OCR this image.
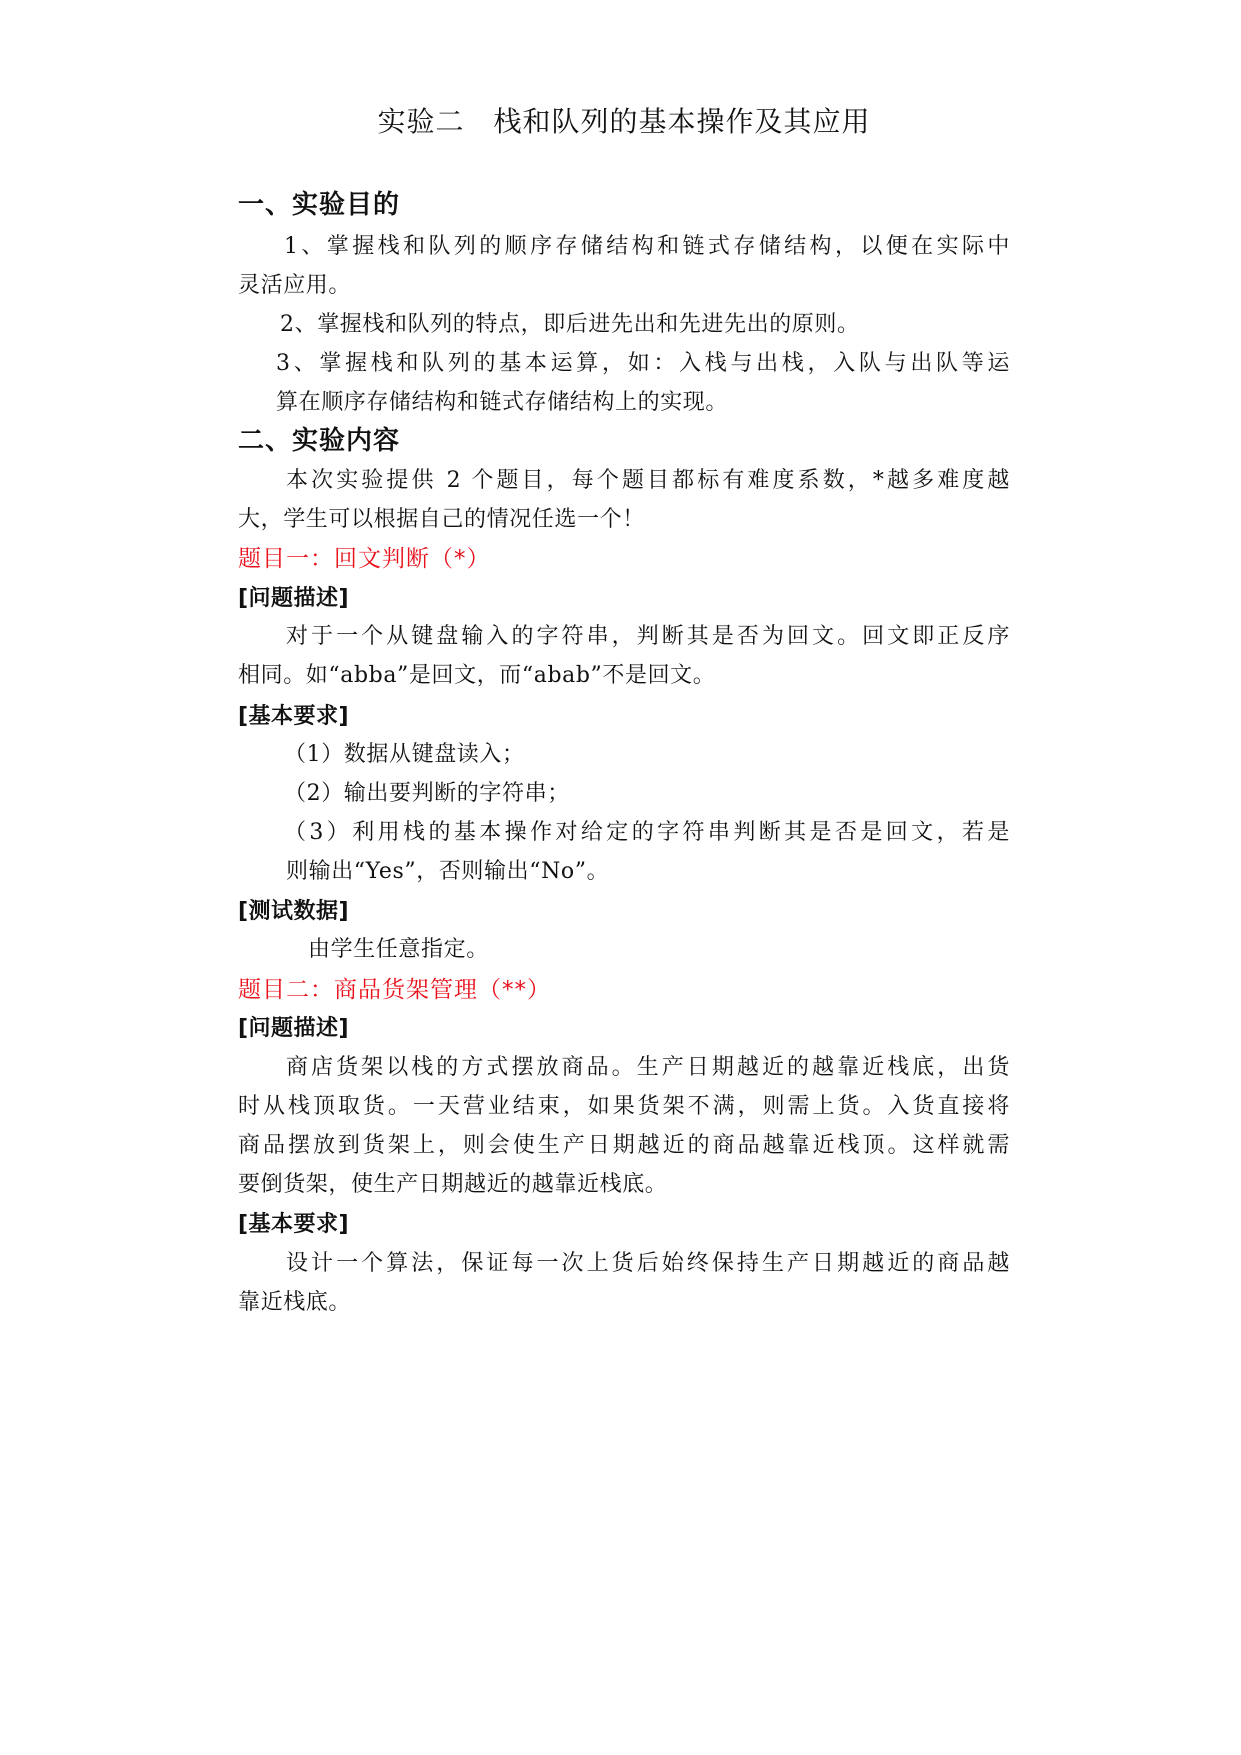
实验二　栈和队列的基本操作及其应用
一、实验目的
1、掌握栈和队列的顺序存储结构和链式存储结构，以便在实际中
灵活应用。
2、掌握栈和队列的特点，即后进先出和先进先出的原则。
3、掌握栈和队列的基本运算，如：入栈与出栈，入队与出队等运
算在顺序存储结构和链式存储结构上的实现。
二、实验内容
本次实验提供 2 个题目，每个题目都标有难度系数，*越多难度越
大，学生可以根据自己的情况任选一个！
题目一：回文判断（*）
[问题描述]
对于一个从键盘输入的字符串，判断其是否为回文。回文即正反序
相同。如“abba”是回文，而“abab”不是回文。
[基本要求]
（1）数据从键盘读入；
（2）输出要判断的字符串；
（3）利用栈的基本操作对给定的字符串判断其是否是回文，若是
则输出“Yes”，否则输出“No”。
[测试数据]
由学生任意指定。
题目二：商品货架管理（**）
[问题描述]
商店货架以栈的方式摆放商品。生产日期越近的越靠近栈底，出货
时从栈顶取货。一天营业结束，如果货架不满，则需上货。入货直接将
商品摆放到货架上，则会使生产日期越近的商品越靠近栈顶。这样就需
要倒货架，使生产日期越近的越靠近栈底。
[基本要求]
设计一个算法，保证每一次上货后始终保持生产日期越近的商品越
靠近栈底。
